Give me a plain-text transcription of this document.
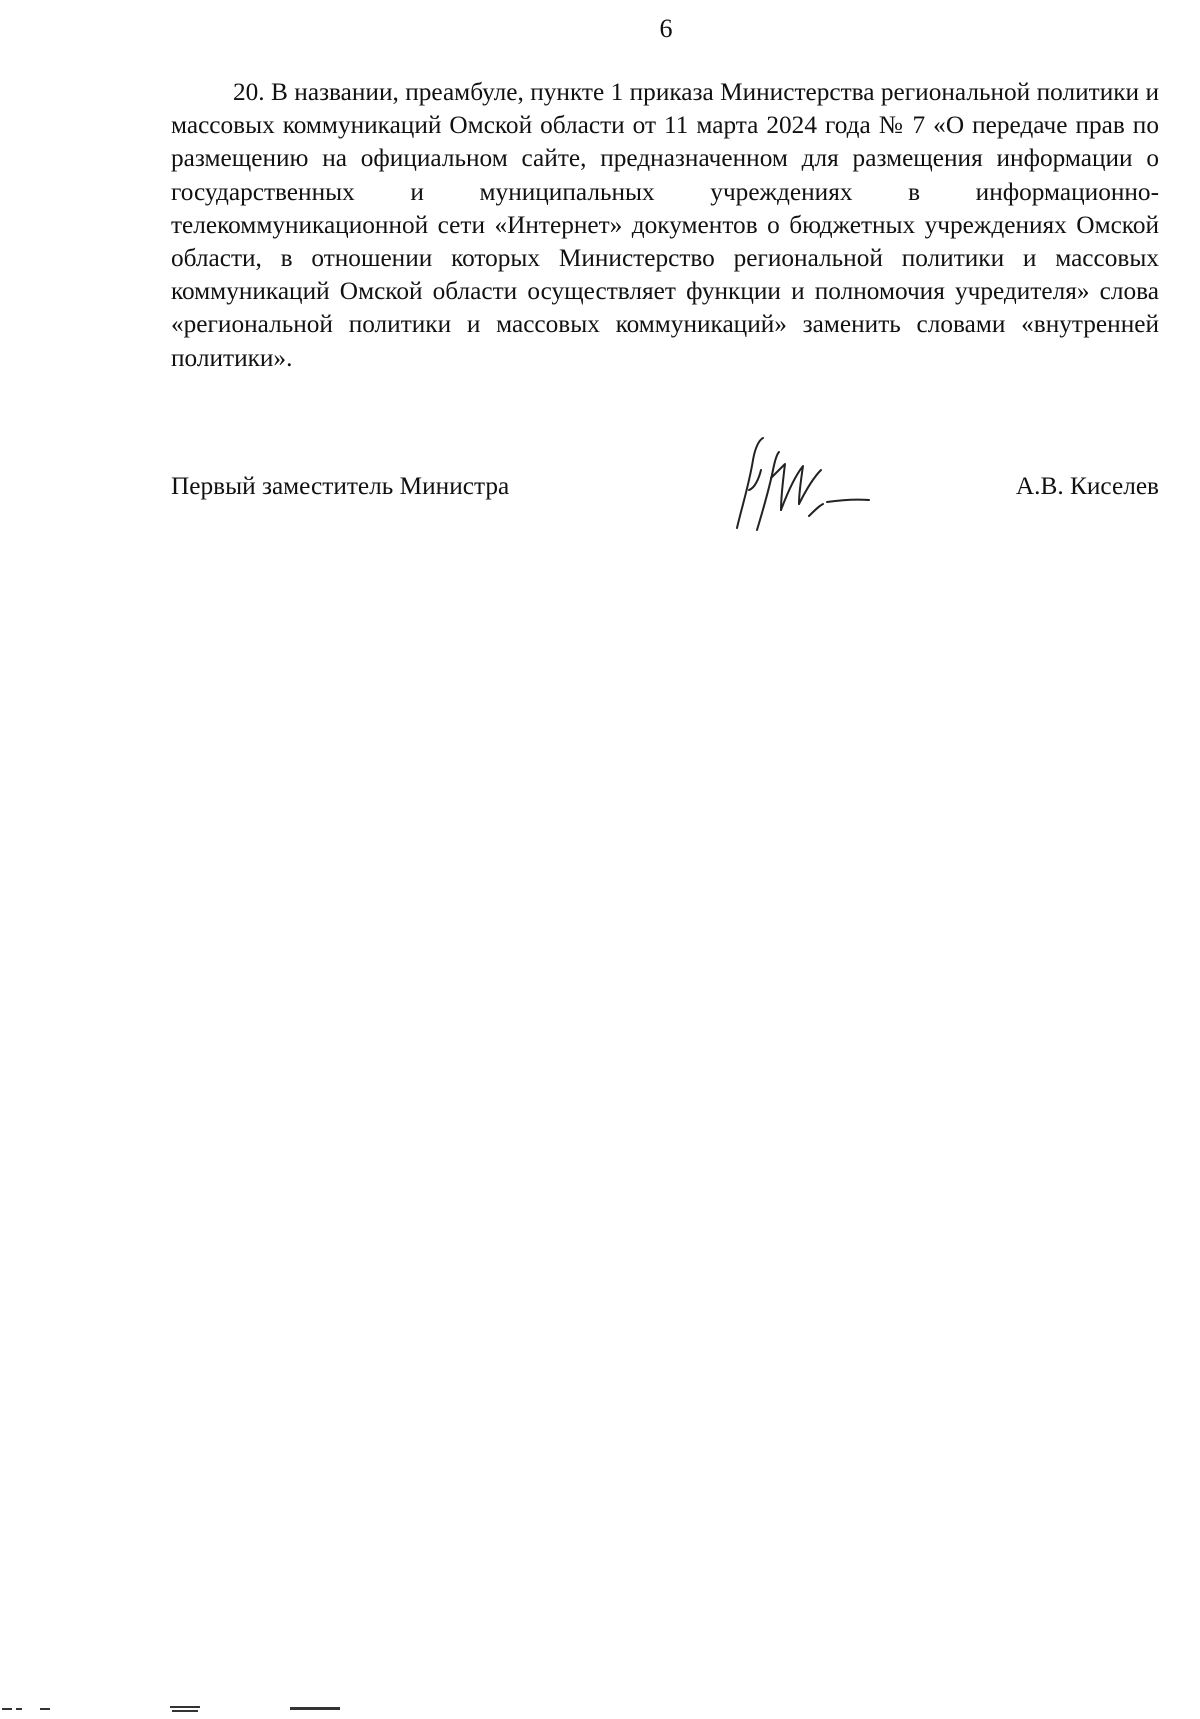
6

20. В названии, преамбуле, пункте 1 приказа Министерства региональной политики и массовых коммуникаций Омской области от 11 марта 2024 года № 7 «О передаче прав по размещению на официальном сайте, предназначенном для размещения информации о государственных и муниципальных учреждениях в информационно-телекоммуникационной сети «Интернет» документов о бюджетных учреждениях Омской области, в отношении которых Министерство региональной политики и массовых коммуникаций Омской области осуществляет функции и полномочия учредителя» слова «региональной политики и массовых коммуникаций» заменить словами «внутренней политики».

Первый заместитель Министра	А.В. Киселев
